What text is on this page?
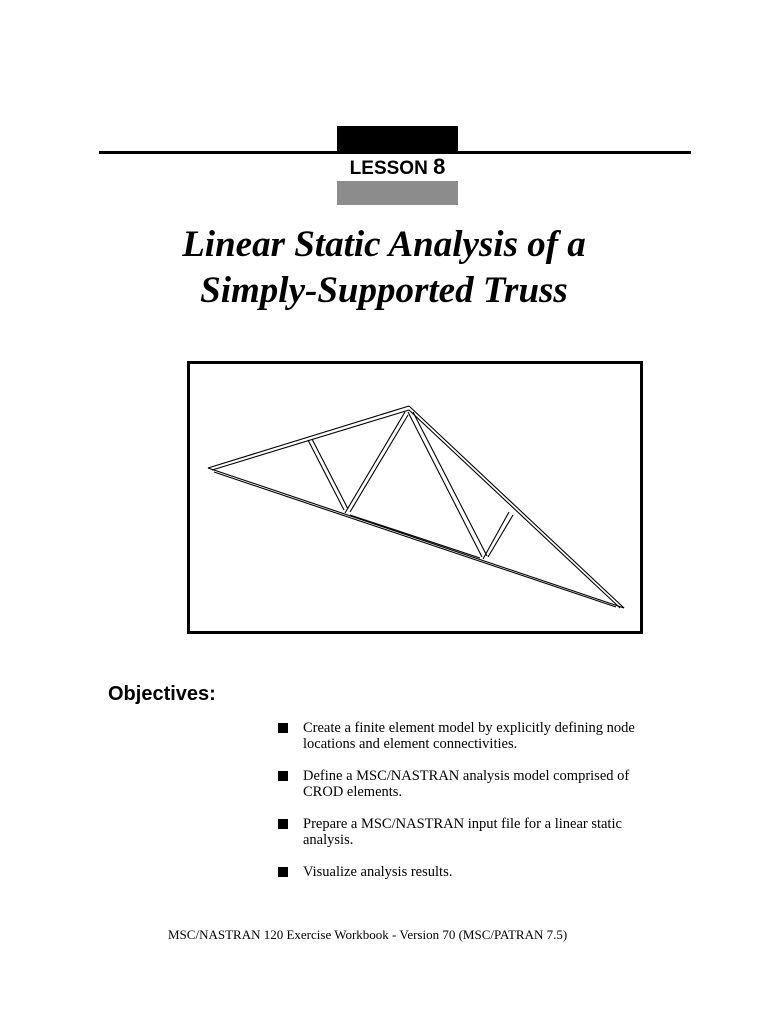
LESSON 8
Linear Static Analysis of a
Simply-Supported Truss
Objectives:
Create a finite element model by explicitly defining node
locations and element connectivities.
Define a MSC/NASTRAN analysis model comprised of
CROD elements.
Prepare a MSC/NASTRAN input file for a linear static
analysis.
Visualize analysis results.
MSC/NASTRAN 120 Exercise Workbook - Version 70 (MSC/PATRAN 7.5)
